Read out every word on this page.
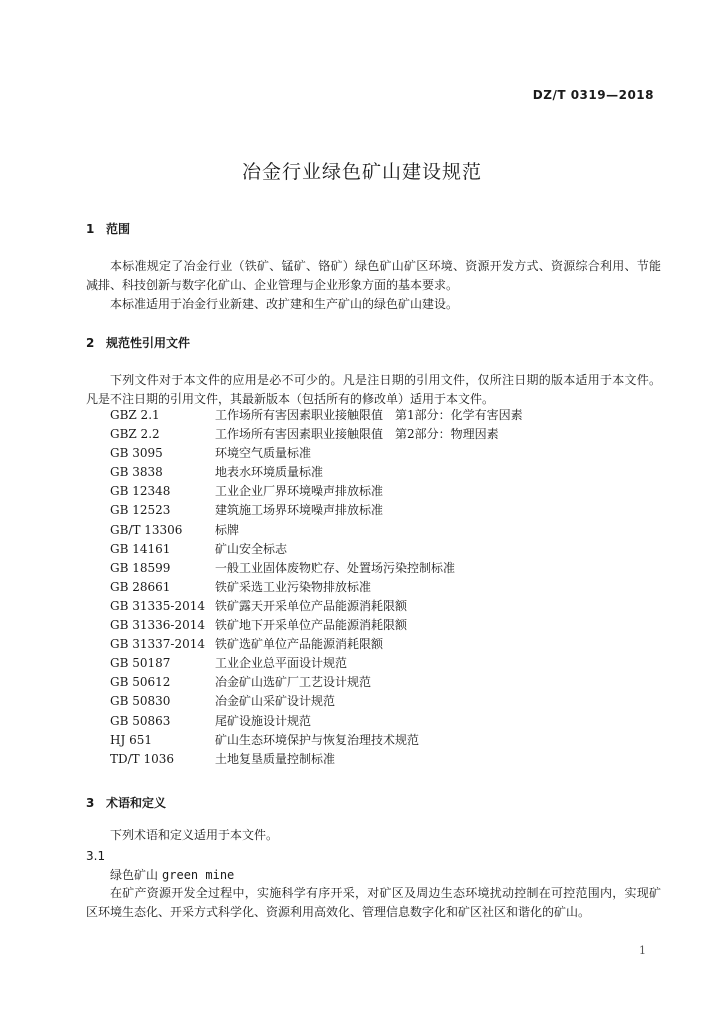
DZ/T 0319—2018
冶金行业绿色矿山建设规范
1 范围
本标准规定了冶金行业（铁矿、锰矿、铬矿）绿色矿山矿区环境、资源开发方式、资源综合利用、节能减排、科技创新与数字化矿山、企业管理与企业形象方面的基本要求。
本标准适用于冶金行业新建、改扩建和生产矿山的绿色矿山建设。
2 规范性引用文件
下列文件对于本文件的应用是必不可少的。凡是注日期的引用文件，仅所注日期的版本适用于本文件。凡是不注日期的引用文件，其最新版本（包括所有的修改单）适用于本文件。
GBZ 2.1	工作场所有害因素职业接触限值　第1部分：化学有害因素
GBZ 2.2	工作场所有害因素职业接触限值　第2部分：物理因素
GB 3095	环境空气质量标准
GB 3838	地表水环境质量标准
GB 12348	工业企业厂界环境噪声排放标准
GB 12523	建筑施工场界环境噪声排放标准
GB/T 13306	标牌
GB 14161	矿山安全标志
GB 18599	一般工业固体废物贮存、处置场污染控制标准
GB 28661	铁矿采选工业污染物排放标准
GB 31335-2014 铁矿露天开采单位产品能源消耗限额
GB 31336-2014 铁矿地下开采单位产品能源消耗限额
GB 31337-2014 铁矿选矿单位产品能源消耗限额
GB 50187	工业企业总平面设计规范
GB 50612	冶金矿山选矿厂工艺设计规范
GB 50830	冶金矿山采矿设计规范
GB 50863	尾矿设施设计规范
HJ 651	矿山生态环境保护与恢复治理技术规范
TD/T 1036	土地复垦质量控制标准
3 术语和定义
下列术语和定义适用于本文件。
3.1
绿色矿山 green mine
在矿产资源开发全过程中，实施科学有序开采，对矿区及周边生态环境扰动控制在可控范围内，实现矿区环境生态化、开采方式科学化、资源利用高效化、管理信息数字化和矿区社区和谐化的矿山。
1
